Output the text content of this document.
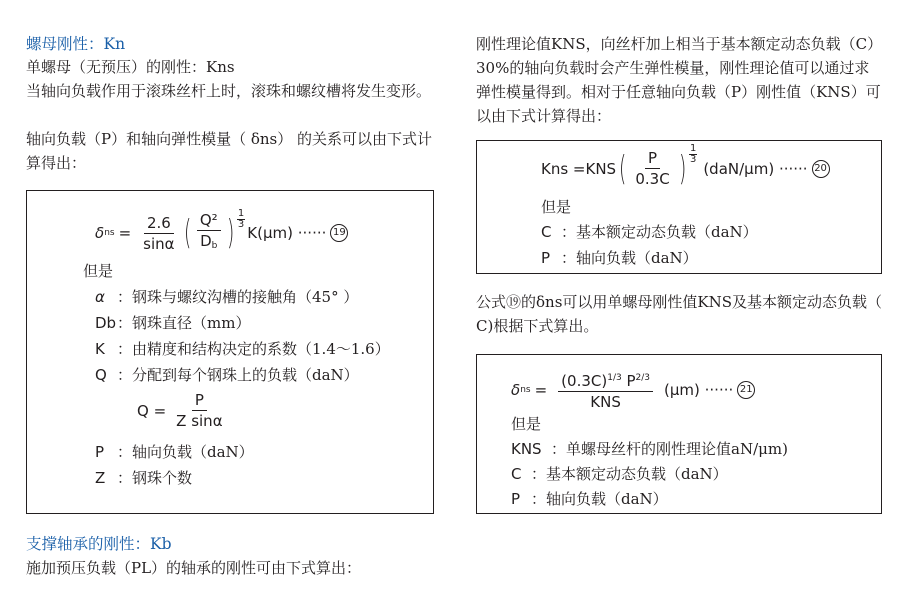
螺母刚性：Kn
单螺母（无预压）的刚性：Kns
当轴向负载作用于滚珠丝杆上时，滚珠和螺纹槽将发生变形。
轴向负载（P）和轴向弹性模量（ δns） 的关系可以由下式计算得出：
δ ns = $\frac{2.6}{\sin\alpha}$ ( $\frac{\text{Q²}}{D_b}$ ) $\frac{1}{3}$
K(μm) ······ 19
但是
α ：钢珠与螺纹沟槽的接触角（45° ）
Db：钢珠直径（mm）
K ：由精度和结构决定的系数（1.4～1.6）
Q ：分配到每个钢珠上的负载（daN）
$Q = \frac{P}{\text{Z sinα}}$
P ：轴向负载（daN）
Z ：钢珠个数
支撑轴承的刚性：Kb
施加预压负载（PL）的轴承的刚性可由下式算出：
刚性理论值KNS，向丝杆加上相当于基本额定动态负载（C） 30%的轴向负载时会产生弹性模量，刚性理论值可以通过求弹性模量得到。相对于任意轴向负载（P）刚性值（KNS）可以由下式计算得出：
Kns =KNS ( $\frac{P}{0.3C}$ ) $\frac{1}{3}$
(daN/μm) ······ 20
但是
C ：基本额定动态负载（daN）
P ：轴向负载（daN）
公式⑲的δns可以用单螺母刚性值KNS及基本额定动态负载（ C)根据下式算出。
δ ns = $\frac{(0.3C)^{1/3} P^{2/3}}{\text{KNS}} (\mu m)$ ······ 21
但是
KNS ：单螺母丝杆的刚性理论值aN/μm)
C ：基本额定动态负载（daN）
P ：轴向负载（daN）
